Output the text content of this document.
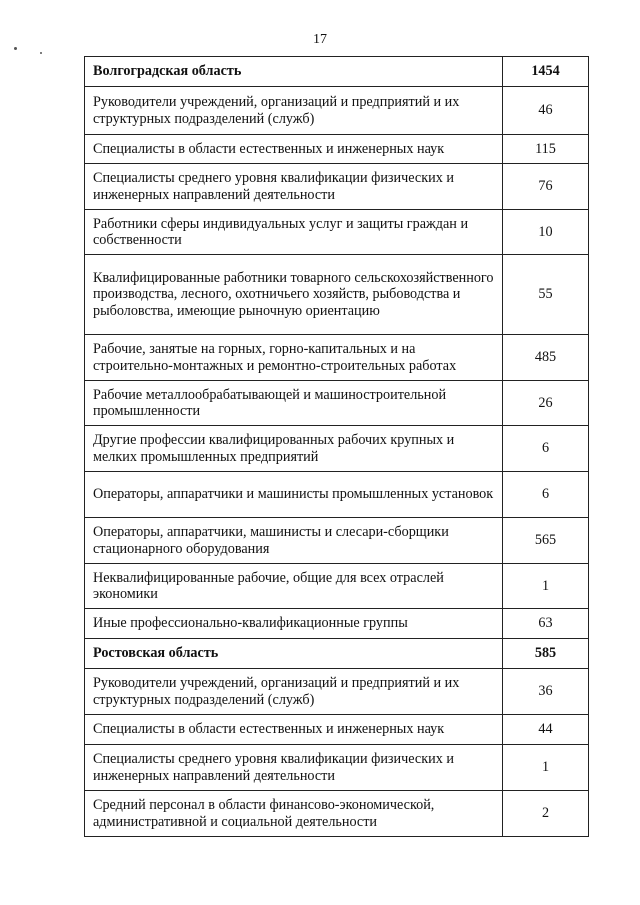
17
Волгоградская область	1454
Руководители учреждений, организаций и предприятий и их структурных подразделений (служб)	46
Специалисты в области естественных и инженерных наук	115
Специалисты среднего уровня квалификации физических и инженерных направлений деятельности	76
Работники сферы индивидуальных услуг и защиты граждан и собственности	10
Квалифицированные работники товарного сельскохозяйственного производства, лесного, охотничьего хозяйств, рыбоводства и рыболовства, имеющие рыночную ориентацию	55
Рабочие, занятые на горных, горно-капитальных и на строительно-монтажных и ремонтно-строительных работах	485
Рабочие металлообрабатывающей и машиностроительной промышленности	26
Другие профессии квалифицированных рабочих крупных и мелких промышленных предприятий	6
Операторы, аппаратчики и машинисты промышленных установок	6
Операторы, аппаратчики, машинисты и слесари-сборщики стационарного оборудования	565
Неквалифицированные рабочие, общие для всех отраслей экономики	1
Иные профессионально-квалификационные группы	63
Ростовская область	585
Руководители учреждений, организаций и предприятий и их структурных подразделений (служб)	36
Специалисты в области естественных и инженерных наук	44
Специалисты среднего уровня квалификации физических и инженерных направлений деятельности	1
Средний персонал в области финансово-экономической, административной и социальной деятельности	2
